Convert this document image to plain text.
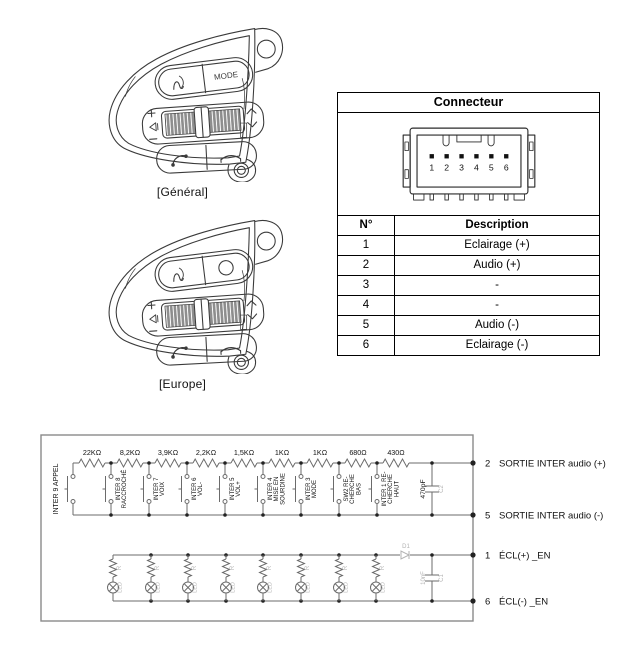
MODE
[Général]
[Europe]
Connecteur	

1 2 3 4 5 6

N°	Description
1	Eclairage (+)
2	Audio (+)
3	-
4	-
5	Audio (-)
6	Eclairage (-)
INTER 9 APPEL
22KΩ	8,2KΩ 3,9KΩ 2,2KΩ 1,5KΩ	1KΩ	1KΩ	680Ω	430Ω
INTER 8 RACCROCHÉ	INTER 7 VOIX	INTER 6 VOL-	INTER 5 VOL+	INTER 4 MISE EN SOURDINE	INTER 3 MODE	SW2 RE- CHERCHE BAS	INTER 1 RE- CHERCHE HAUT	470pF C2
2 SORTIE INTER audio (+)
5 SORTIE INTER audio (-)
R
LED
R
LED
R
LED
R
LED
R
LED
R
LED
R
LED
R
LED
D1
10nF C1
1 ÉCL(+) _EN
6 ÉCL(-) _EN
